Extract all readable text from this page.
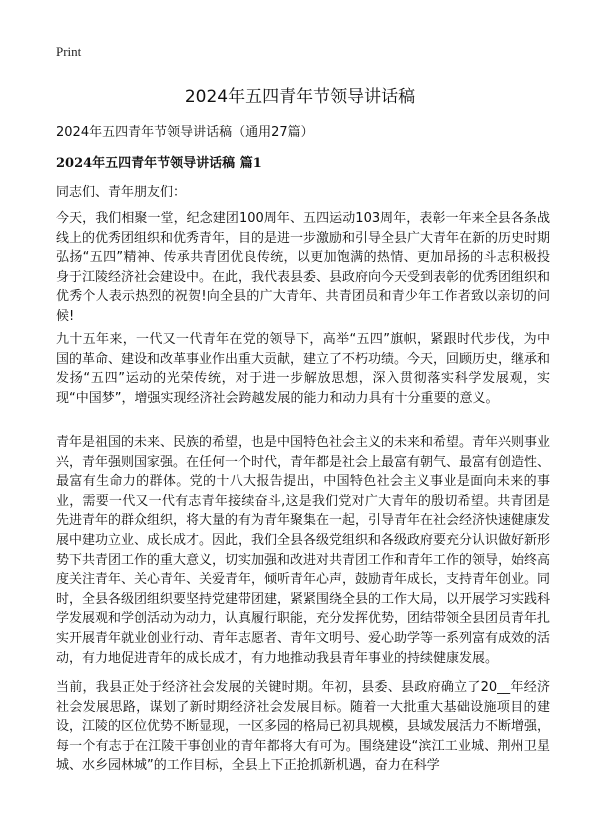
Print
2024年五四青年节领导讲话稿
2024年五四青年节领导讲话稿（通用27篇）
2024年五四青年节领导讲话稿 篇1
同志们、青年朋友们：

今天，我们相聚一堂，纪念建团100周年、五四运动103周年，表彰一年来全县各条战线上的优秀团组织和优秀青年，目的是进一步激励和引导全县广大青年在新的历史时期弘扬“五四”精神、传承共青团优良传统，以更加饱满的热情、更加昂扬的斗志积极投身于江陵经济社会建设中。在此，我代表县委、县政府向今天受到表彰的优秀团组织和优秀个人表示热烈的祝贺!向全县的广大青年、共青团员和青少年工作者致以亲切的问候!

九十五年来，一代又一代青年在党的领导下，高举“五四”旗帜，紧跟时代步伐，为中国的革命、建设和改革事业作出重大贡献，建立了不朽功绩。今天，回顾历史，继承和发扬“五四”运动的光荣传统，对于进一步解放思想，深入贯彻落实科学发展观，实现“中国梦”，增强实现经济社会跨越发展的能力和动力具有十分重要的意义。

青年是祖国的未来、民族的希望，也是中国特色社会主义的未来和希望。青年兴则事业兴，青年强则国家强。在任何一个时代，青年都是社会上最富有朝气、最富有创造性、最富有生命力的群体。党的十八大报告提出，中国特色社会主义事业是面向未来的事业，需要一代又一代有志青年接续奋斗,这是我们党对广大青年的殷切希望。共青团是先进青年的群众组织，将大量的有为青年聚集在一起，引导青年在社会经济快速健康发展中建功立业、成长成才。因此，我们全县各级党组织和各级政府要充分认识做好新形势下共青团工作的重大意义，切实加强和改进对共青团工作和青年工作的领导，始终高度关注青年、关心青年、关爱青年，倾听青年心声，鼓励青年成长，支持青年创业。同时，全县各级团组织要坚持党建带团建，紧紧围绕全县的工作大局，以开展学习实践科学发展观和学创活动为动力，认真履行职能，充分发挥优势，团结带领全县团员青年扎实开展青年就业创业行动、青年志愿者、青年文明号、爱心助学等一系列富有成效的活动，有力地促进青年的成长成才，有力地推动我县青年事业的持续健康发展。

当前，我县正处于经济社会发展的关键时期。年初，县委、县政府确立了20__年经济社会发展思路，谋划了新时期经济社会发展目标。随着一大批重大基础设施项目的建设，江陵的区位优势不断显现，一区多园的格局已初具规模，县域发展活力不断增强，每一个有志于在江陵干事创业的青年都将大有可为。围绕建设“滨江工业城、荆州卫星城、水乡园林城”的工作目标，全县上下正抢抓新机遇，奋力在科学
